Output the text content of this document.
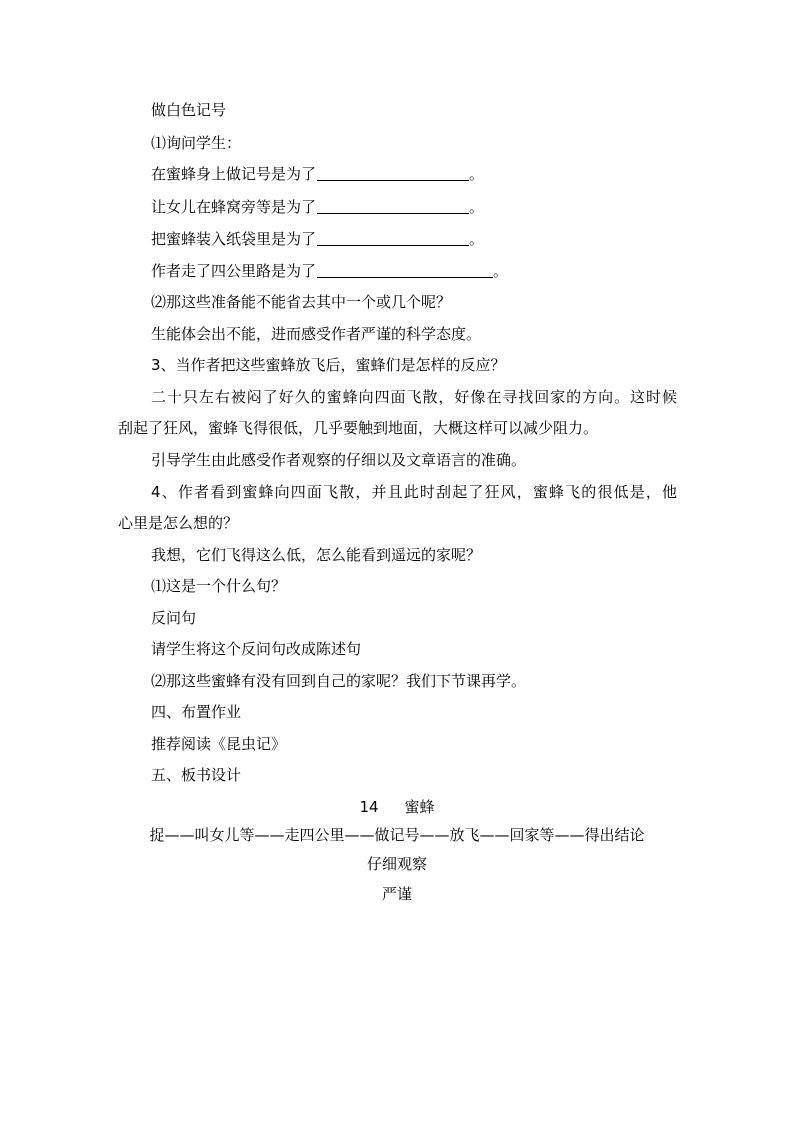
做白色记号
⑴询问学生：
在蜜蜂身上做记号是为了	。
让女儿在蜂窝旁等是为了	。
把蜜蜂装入纸袋里是为了	。
作者走了四公里路是为了	。
⑵那这些准备能不能省去其中一个或几个呢？
生能体会出不能，进而感受作者严谨的科学态度。
3、当作者把这些蜜蜂放飞后，蜜蜂们是怎样的反应？
二十只左右被闷了好久的蜜蜂向四面飞散，好像在寻找回家的方向。这时候
刮起了狂风，蜜蜂飞得很低，几乎要触到地面，大概这样可以减少阻力。
引导学生由此感受作者观察的仔细以及文章语言的准确。
4、作者看到蜜蜂向四面飞散，并且此时刮起了狂风，蜜蜂飞的很低是，他
心里是怎么想的？
我想，它们飞得这么低，怎么能看到遥远的家呢？
⑴这是一个什么句？
反问句
请学生将这个反问句改成陈述句
⑵那这些蜜蜂有没有回到自己的家呢？我们下节课再学。
四、布置作业
推荐阅读《昆虫记》
五、板书设计
14 蜜蜂
捉——叫女儿等——走四公里——做记号——放飞——回家等——得出结论
仔细观察
严谨
